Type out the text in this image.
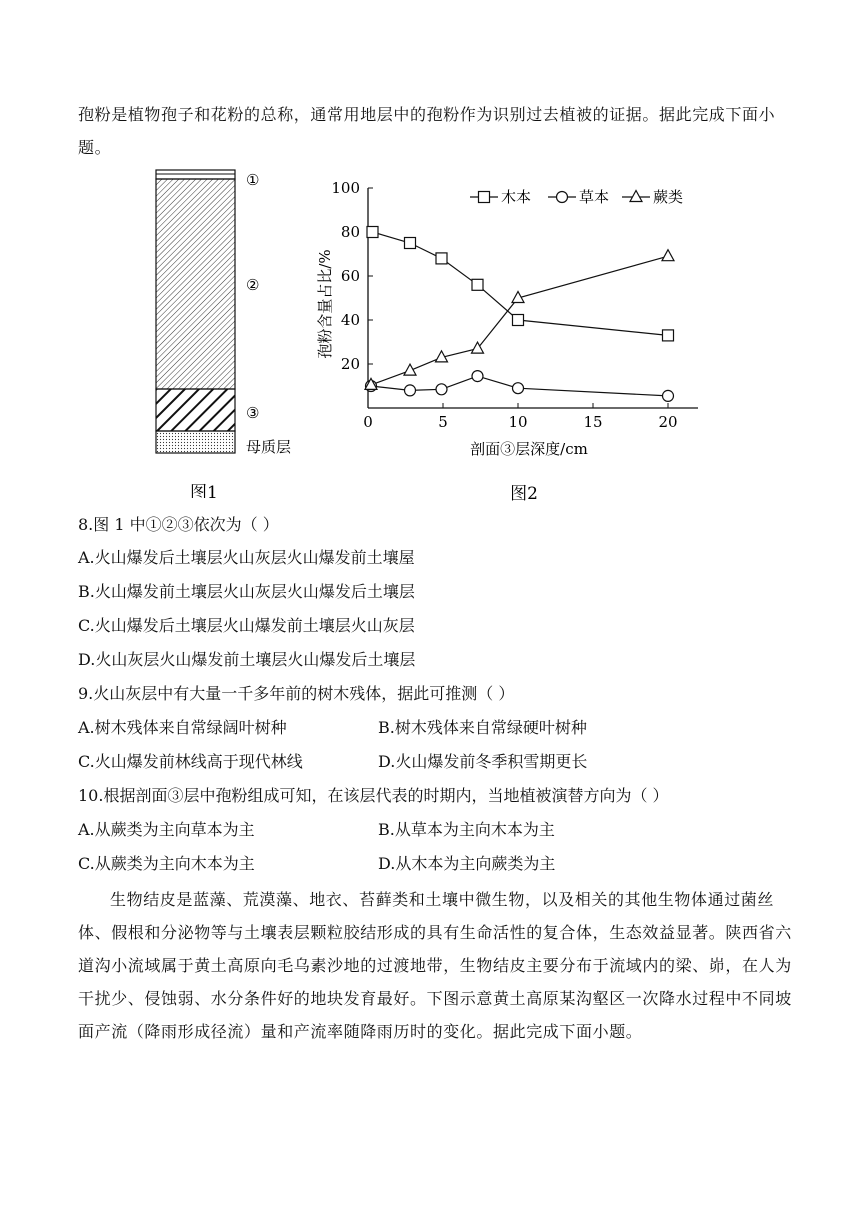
孢粉是植物孢子和花粉的总称，通常用地层中的孢粉作为识别过去植被的证据。据此完成下面小题。
①
②
③
母质层
图1
0	5	10	15	20
20
40
60
80
100	木本	草本	蕨类
剖面③层深度/cm
孢粉含量占比/%
图2
8.图 1 中①②③依次为（ ）
A.火山爆发后土壤层火山灰层火山爆发前土壤屋
B.火山爆发前土壤层火山灰层火山爆发后土壤层
C.火山爆发后土壤层火山爆发前土壤层火山灰层
D.火山灰层火山爆发前土壤层火山爆发后土壤层
9.火山灰层中有大量一千多年前的树木残体，据此可推测（ ）
A.树木残体来自常绿阔叶树种	B.树木残体来自常绿硬叶树种
C.火山爆发前林线高于现代林线	D.火山爆发前冬季积雪期更长
10.根据剖面③层中孢粉组成可知，在该层代表的时期内，当地植被演替方向为（ ）
A.从蕨类为主向草本为主	B.从草本为主向木本为主
C.从蕨类为主向木本为主	D.从木本为主向蕨类为主
生物结皮是蓝藻、荒漠藻、地衣、苔藓类和土壤中微生物，以及相关的其他生物体通过菌丝体、假根和分泌物等与土壤表层颗粒胶结形成的具有生命活性的复合体，生态效益显著。陕西省六道沟小流域属于黄土高原向毛乌素沙地的过渡地带，生物结皮主要分布于流域内的梁、峁，在人为干扰少、侵蚀弱、水分条件好的地块发育最好。下图示意黄土高原某沟壑区一次降水过程中不同坡面产流（降雨形成径流）量和产流率随降雨历时的变化。据此完成下面小题。
